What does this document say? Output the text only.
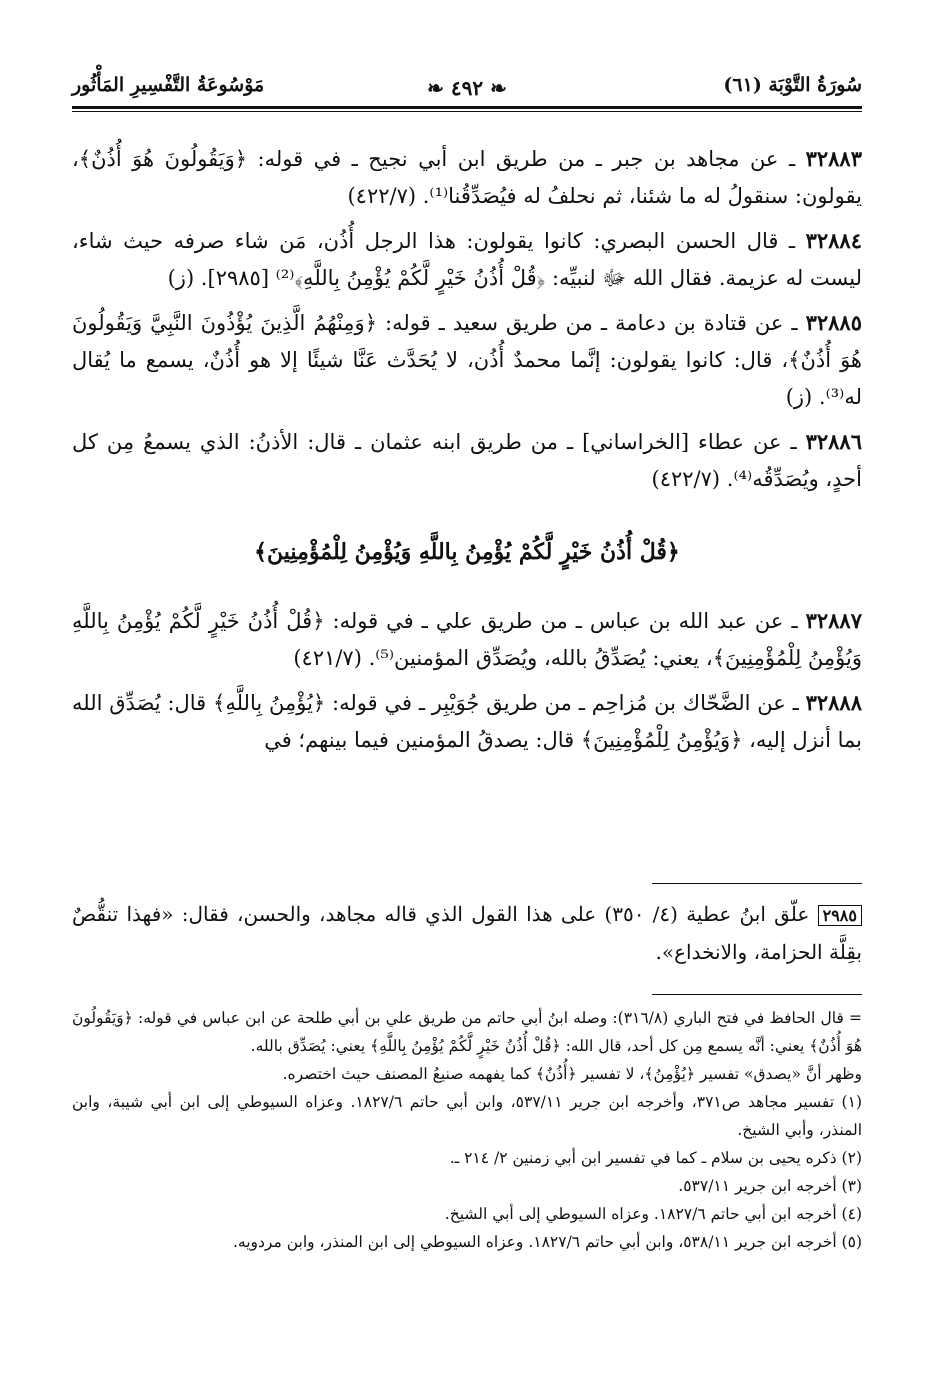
سُورَةُ التَّوْبَة (٦١)
❧ ٤٩٢ ❧
مَوْسُوعَةُ التَّفْسِيرِ المَأْثُور

٣٢٨٨٣ ـ عن مجاهد بن جبر ـ من طريق ابن أبي نجيح ـ في قوله: ﴿وَيَقُولُونَ هُوَ أُذُنٌ﴾، يقولون: سنقولُ له ما شئنا، ثم نحلفُ له فيُصَدِّقُنا⁽¹⁾. (٤٢٢/٧)

٣٢٨٨٤ ـ قال الحسن البصري: كانوا يقولون: هذا الرجل أُذُن، مَن شاء صرفه حيث شاء، ليست له عزيمة. فقال الله ﷻ لنبيِّه: ﴿قُلْ أُذُنُ خَيْرٍ لَّكُمْ يُؤْمِنُ بِاللَّهِ﴾⁽²⁾ [٢٩٨٥]. (ز)

٣٢٨٨٥ ـ عن قتادة بن دعامة ـ من طريق سعيد ـ قوله: ﴿وَمِنْهُمُ الَّذِينَ يُؤْذُونَ النَّبِيَّ وَيَقُولُونَ هُوَ أُذُنٌ﴾، قال: كانوا يقولون: إنَّما محمدٌ أُذُن، لا يُحَدَّث عَنَّا شيئًا إلا هو أُذُنٌ، يسمع ما يُقال له⁽³⁾. (ز)

٣٢٨٨٦ ـ عن عطاء [الخراساني] ـ من طريق ابنه عثمان ـ قال: الأذنُ: الذي يسمعُ مِن كل أحدٍ، ويُصَدِّقُه⁽⁴⁾. (٤٢٢/٧)

﴿قُلْ أُذُنُ خَيْرٍ لَّكُمْ يُؤْمِنُ بِاللَّهِ وَيُؤْمِنُ لِلْمُؤْمِنِينَ﴾

٣٢٨٨٧ ـ عن عبد الله بن عباس ـ من طريق علي ـ في قوله: ﴿قُلْ أُذُنُ خَيْرٍ لَّكُمْ يُؤْمِنُ بِاللَّهِ وَيُؤْمِنُ لِلْمُؤْمِنِينَ﴾، يعني: يُصَدِّقُ بالله، ويُصَدِّق المؤمنين⁽⁵⁾. (٤٢١/٧)

٣٢٨٨٨ ـ عن الضَّحّاك بن مُزاحِم ـ من طريق جُوَيْبِر ـ في قوله: ﴿يُؤْمِنُ بِاللَّهِ﴾ قال: يُصَدِّق الله بما أنزل إليه، ﴿وَيُؤْمِنُ لِلْمُؤْمِنِينَ﴾ قال: يصدقُ المؤمنين فيما بينهم؛ في

٢٩٨٥ علّق ابنُ عطية (٤/ ٣٥٠) على هذا القول الذي قاله مجاهد، والحسن، فقال: «فهذا تنقُّصٌ بقِلَّة الحزامة، والانخداع».

= قال الحافظ في فتح الباري (٣١٦/٨): وصله ابنُ أبي حاتم من طريق علي بن أبي طلحة عن ابن عباس في قوله: ﴿وَيَقُولُونَ هُوَ أُذُنٌ﴾ يعني: أنَّه يسمع مِن كل أحد، قال الله: ﴿قُلْ أُذُنُ خَيْرٍ لَّكُمْ يُؤْمِنُ بِاللَّهِ﴾ يعني: يُصَدِّق بالله.

وظهر أنَّ «يصدق» تفسير ﴿يُؤْمِنُ﴾، لا تفسير ﴿أُذُنٌ﴾ كما يفهمه صنيعُ المصنف حيث اختصره.

(١) تفسير مجاهد ص٣٧١، وأخرجه ابن جرير ٥٣٧/١١، وابن أبي حاتم ١٨٢٧/٦. وعزاه السيوطي إلى ابن أبي شيبة، وابن المنذر، وأبي الشيخ.

(٢) ذكره يحيى بن سلام ـ كما في تفسير ابن أبي زمنين ٢/ ٢١٤ ـ.

(٣) أخرجه ابن جرير ٥٣٧/١١.

(٤) أخرجه ابن أبي حاتم ١٨٢٧/٦. وعزاه السيوطي إلى أبي الشيخ.

(٥) أخرجه ابن جرير ٥٣٨/١١، وابن أبي حاتم ١٨٢٧/٦. وعزاه السيوطي إلى ابن المنذر، وابن مردويه.
